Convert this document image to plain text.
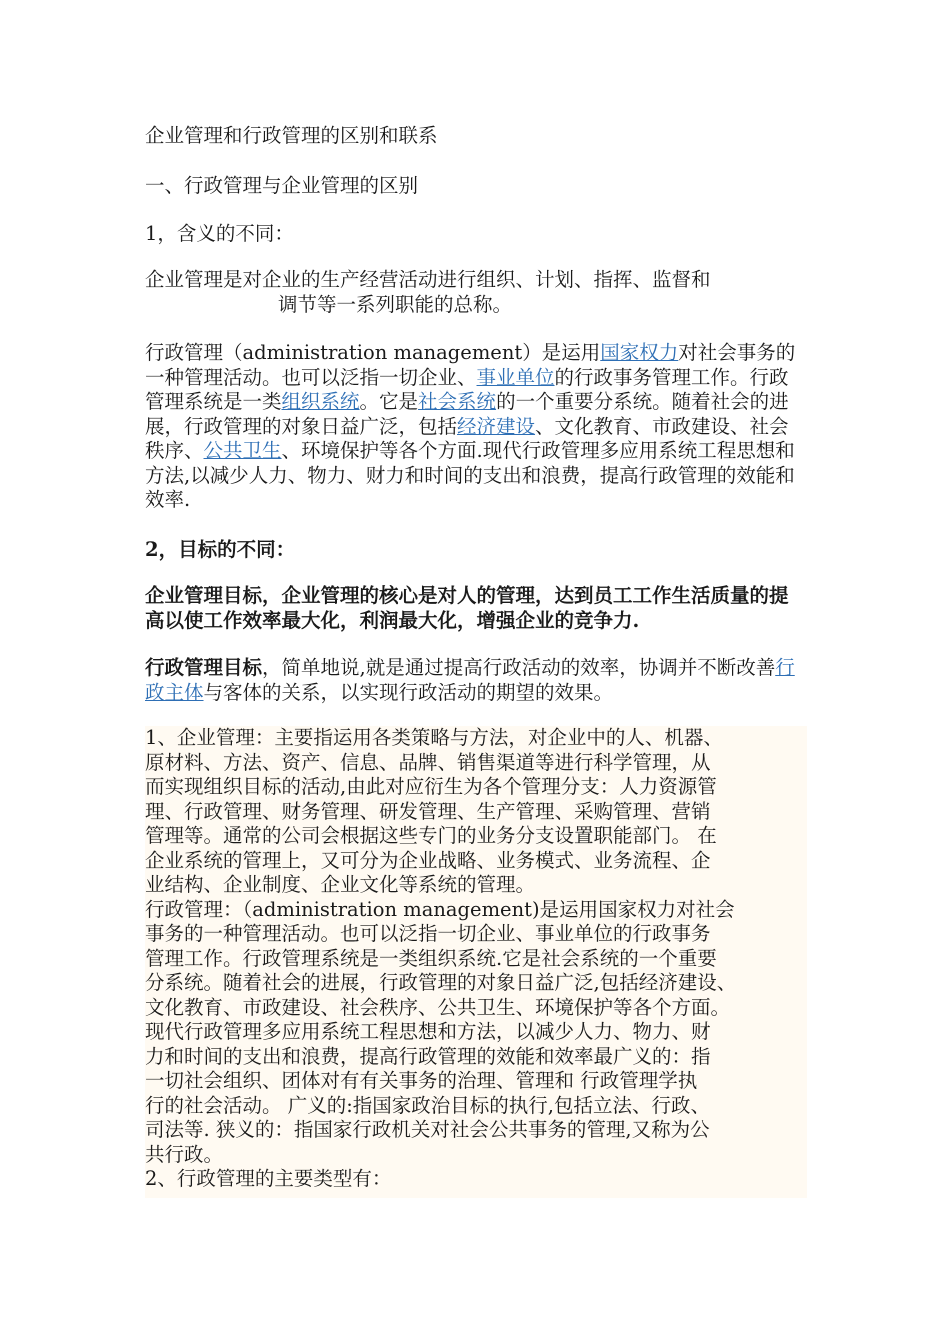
企业管理和行政管理的区别和联系

一、行政管理与企业管理的区别

1，含义的不同：

企业管理是对企业的生产经营活动进行组织、计划、指挥、监督和
调节等一系列职能的总称。

行政管理（administration management）是运用国家权力对社会事务的一种管理活动。也可以泛指一切企业、事业单位的行政事务管理工作。行政管理系统是一类组织系统。它是社会系统的一个重要分系统。随着社会的进展，行政管理的对象日益广泛，包括经济建设、文化教育、市政建设、社会秩序、公共卫生、环境保护等各个方面.现代行政管理多应用系统工程思想和方法,以减少人力、物力、财力和时间的支出和浪费，提高行政管理的效能和效率.

2，目标的不同：

企业管理目标，企业管理的核心是对人的管理，达到员工工作生活质量的提高以使工作效率最大化，利润最大化，增强企业的竞争力.

行政管理目标，简单地说,就是通过提高行政活动的效率，协调并不断改善行政主体与客体的关系，以实现行政活动的期望的效果。

1、企业管理：主要指运用各类策略与方法，对企业中的人、机器、
原材料、方法、资产、信息、品牌、销售渠道等进行科学管理，从
而实现组织目标的活动,由此对应衍生为各个管理分支：人力资源管
理、行政管理、财务管理、研发管理、生产管理、采购管理、营销
管理等。通常的公司会根据这些专门的业务分支设置职能部门。 在
企业系统的管理上，又可分为企业战略、业务模式、业务流程、企
业结构、企业制度、企业文化等系统的管理。
行政管理：（administration management)是运用国家权力对社会
事务的一种管理活动。也可以泛指一切企业、事业单位的行政事务
管理工作。行政管理系统是一类组织系统.它是社会系统的一个重要
分系统。随着社会的进展，行政管理的对象日益广泛,包括经济建设、
文化教育、市政建设、社会秩序、公共卫生、环境保护等各个方面。
现代行政管理多应用系统工程思想和方法，以减少人力、物力、财
力和时间的支出和浪费，提高行政管理的效能和效率最广义的：指
一切社会组织、团体对有有关事务的治理、管理和 行政管理学执
行的社会活动。 广义的:指国家政治目标的执行,包括立法、行政、
司法等. 狭义的：指国家行政机关对社会公共事务的管理,又称为公
共行政。
2、行政管理的主要类型有：
